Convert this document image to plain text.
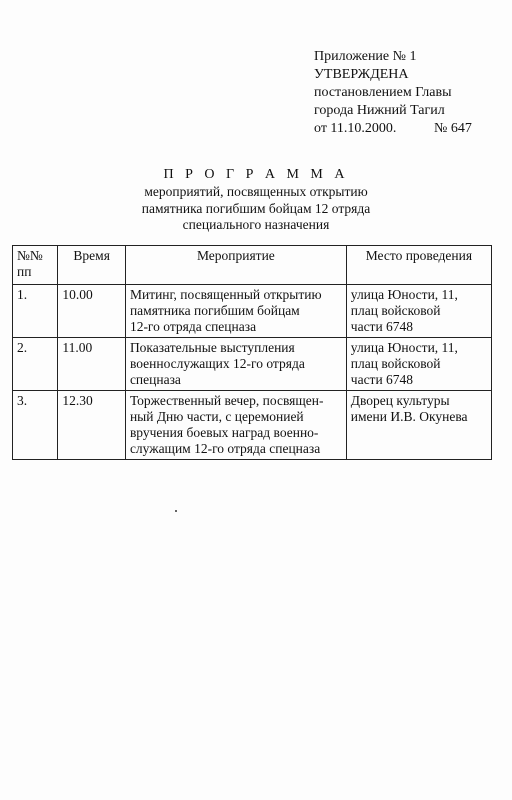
Приложение № 1
УТВЕРЖДЕНА
постановлением Главы
города Нижний Тагил
от 11.10.2000.	№ 647
П Р О Г Р А М М А
мероприятий, посвященных открытию
памятника погибшим бойцам 12 отряда
специального назначения
№№
пп	Время	Мероприятие	Место проведения
1.	10.00	Митинг, посвященный открытию
памятника погибшим бойцам
12-го отряда спецназа	улица Юности, 11,
плац войсковой
части 6748

2.	11.00	Показательные выступления
военнослужащих 12-го отряда
спецназа	улица Юности, 11,
плац войсковой
части 6748

3.	12.30	Торжественный вечер, посвящен-
ный Дню части, с церемонией
вручения боевых наград военно-
служащим 12-го отряда спецназа	Дворец культуры
имени И.В. Окунева
